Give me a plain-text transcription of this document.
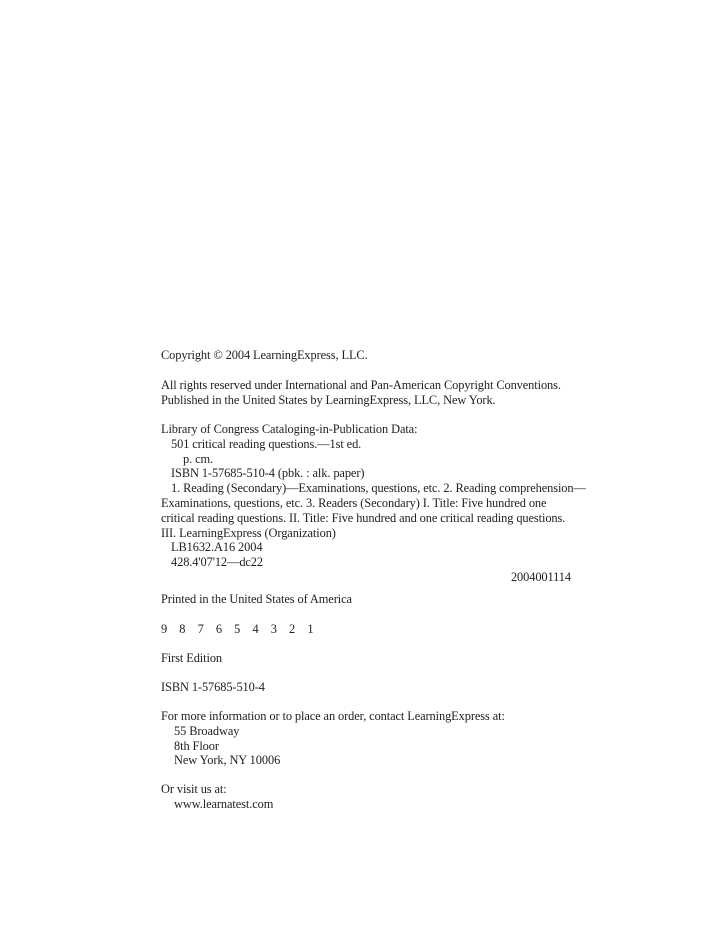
Copyright © 2004 LearningExpress, LLC.
All rights reserved under International and Pan-American Copyright Conventions.
Published in the United States by LearningExpress, LLC, New York.
Library of Congress Cataloging-in-Publication Data:
501 critical reading questions.—1st ed.
p. cm.
ISBN 1-57685-510-4 (pbk. : alk. paper)
1. Reading (Secondary)—Examinations, questions, etc. 2. Reading comprehension—
Examinations, questions, etc. 3. Readers (Secondary) I. Title: Five hundred one
critical reading questions. II. Title: Five hundred and one critical reading questions.
III. LearningExpress (Organization)
LB1632.A16 2004
428.4'07'12—dc22
2004001114
Printed in the United States of America
9 8 7 6 5 4 3 2 1
First Edition
ISBN 1-57685-510-4
For more information or to place an order, contact LearningExpress at:
55 Broadway
8th Floor
New York, NY 10006
Or visit us at:
www.learnatest.com
